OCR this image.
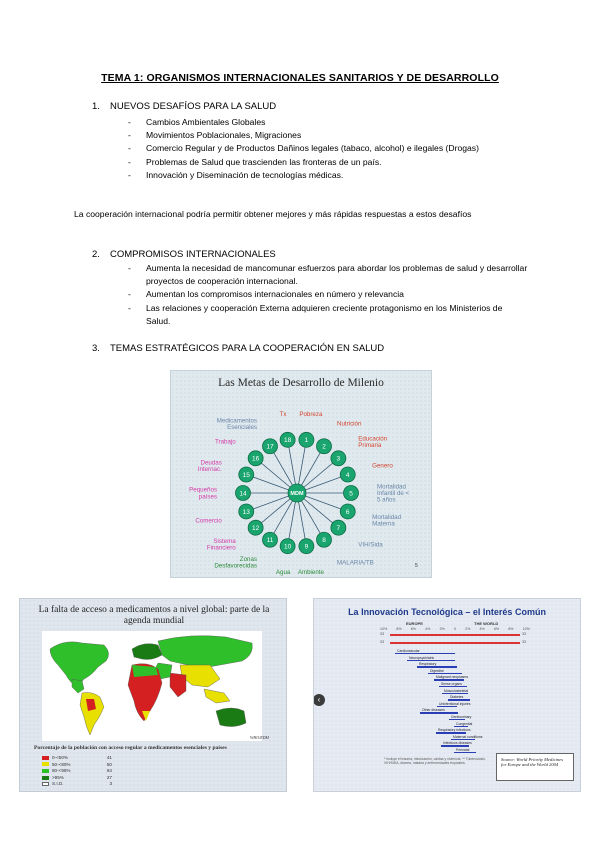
TEMA 1: ORGANISMOS INTERNACIONALES SANITARIOS Y DE DESARROLLO
1. NUEVOS DESAFÍOS PARA LA SALUD
- Cambios Ambientales Globales
- Movimientos Poblacionales, Migraciones
- Comercio Regular y de Productos Dañinos legales (tabaco, alcohol) e ilegales (Drogas)
- Problemas de Salud que trascienden las fronteras de un país.
- Innovación y Diseminación de tecnologías médicas.
La cooperación internacional podría permitir obtener mejores y más rápidas respuestas a estos desafíos
2. COMPROMISOS INTERNACIONALES
- Aumenta la necesidad de mancomunar esfuerzos para abordar los problemas de salud y desarrollar proyectos de cooperación internacional.
- Aumentan los compromisos internacionales en número y relevancia
- Las relaciones y cooperación Externa adquieren creciente protagonismo en los Ministerios de Salud.
3. TEMAS ESTRATÉGICOS PARA LA COOPERACIÓN EN SALUD
Las Metas de Desarrollo de Milenio
1
Pobreza
2
Nutrición
3
Educación Primaria
4
Genero
5
Mortalidad Infantil de < 5 años
6
Mortalidad Materna
7
VIH/Sida
8
MALARIA/TB
9
Ambiente
10
Agua
11
Zonas Desfavorecidas
12
Sistema Financiero
13
Comercio
14
Pequeños países
15
Deudas Internac.
16
Trabajo
17
Medicamentos Esenciales
18
Tx
MDM
5
La falta de acceso a medicamentos a nivel global: parte de la agenda mundial
WHO/EDM
Porcentaje de la población con acceso regular a medicamentos esenciales y países
0-<50%	41
50-<80%	50
80-<95%	64
>95%	27
S.I.D.	3
‹
La Innovación Tecnológica – el Interés Común
EUROPE	THE WORLD
10%	8%	6%	4%	2%	0	2%	4%	6%	8%	10%
33	33
33	33
Cardiovascular
Neuropsychiatric
Respiratory
Digestive
Malignant neoplasms
Sense organs
Musculoskeletal
Diabetes
Unintentional injuries
Other diseases
Genitourinary
Congenital
Respiratory infections
Maternal conditions
Infectious diseases
Perinatal
* Incluye el trauma, intoxicación, caídas y violencia. ** Tuberculosis, VIH/SIDA, diarrea, malaria y enfermedades tropicales.
Source: World Priority Medicines for Europe and the World 2004
